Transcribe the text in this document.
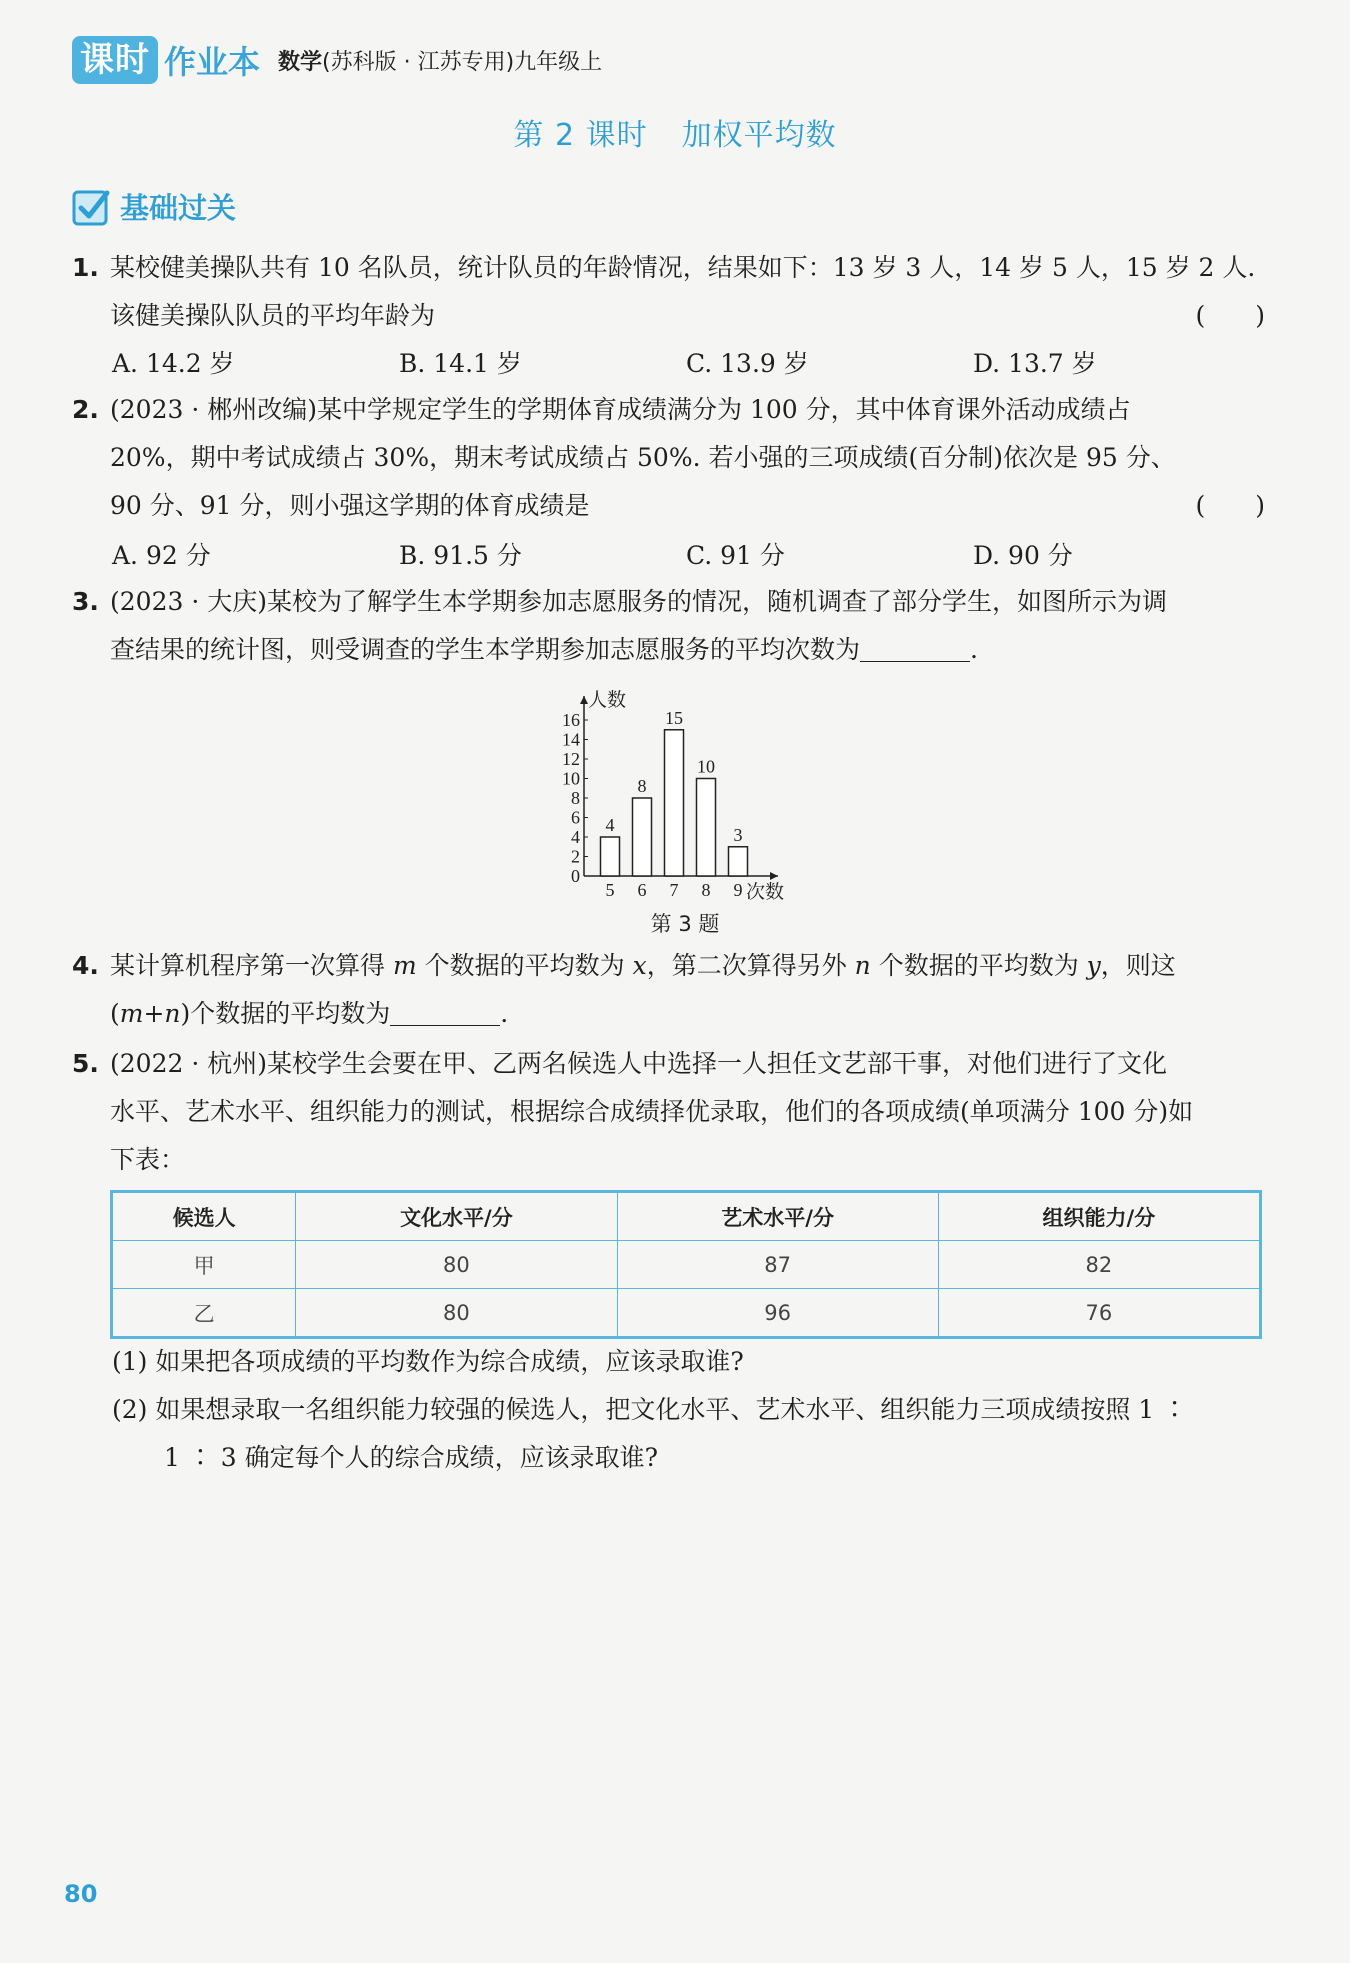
课时 作业本 数学(苏科版 · 江苏专用)九年级上
第 2 课时 加权平均数
基础过关
1. 某校健美操队共有 10 名队员，统计队员的年龄情况，结果如下：13 岁 3 人，14 岁 5 人，15 岁 2 人.
该健美操队队员的平均年龄为	(　　)
A. 14.2 岁	B. 14.1 岁	C. 13.9 岁	D. 13.7 岁
2. (2023 · 郴州改编)某中学规定学生的学期体育成绩满分为 100 分，其中体育课外活动成绩占
20%，期中考试成绩占 30%，期末考试成绩占 50%. 若小强的三项成绩(百分制)依次是 95 分、
90 分、91 分，则小强这学期的体育成绩是	(　　)
A. 92 分	B. 91.5 分	C. 91 分	D. 90 分
3. (2023 · 大庆)某校为了解学生本学期参加志愿服务的情况，随机调查了部分学生，如图所示为调
查结果的统计图，则受调查的学生本学期参加志愿服务的平均次数为	.
人数
次数
0
2
4
6
8
10
12
14
16
4
5
8
6
15
7
10
8
3
9
第 3 题
4. 某计算机程序第一次算得 m 个数据的平均数为 x，第二次算得另外 n 个数据的平均数为 y，则这
(m+n)个数据的平均数为	.
5. (2022 · 杭州)某校学生会要在甲、乙两名候选人中选择一人担任文艺部干事，对他们进行了文化
水平、艺术水平、组织能力的测试，根据综合成绩择优录取，他们的各项成绩(单项满分 100 分)如
下表：
候选人	文化水平/分	艺术水平/分	组织能力/分
甲	80	87	82
乙	80	96	76
(1) 如果把各项成绩的平均数作为综合成绩，应该录取谁?
(2) 如果想录取一名组织能力较强的候选人，把文化水平、艺术水平、组织能力三项成绩按照 1 ∶
1 ∶ 3 确定每个人的综合成绩，应该录取谁?
80
